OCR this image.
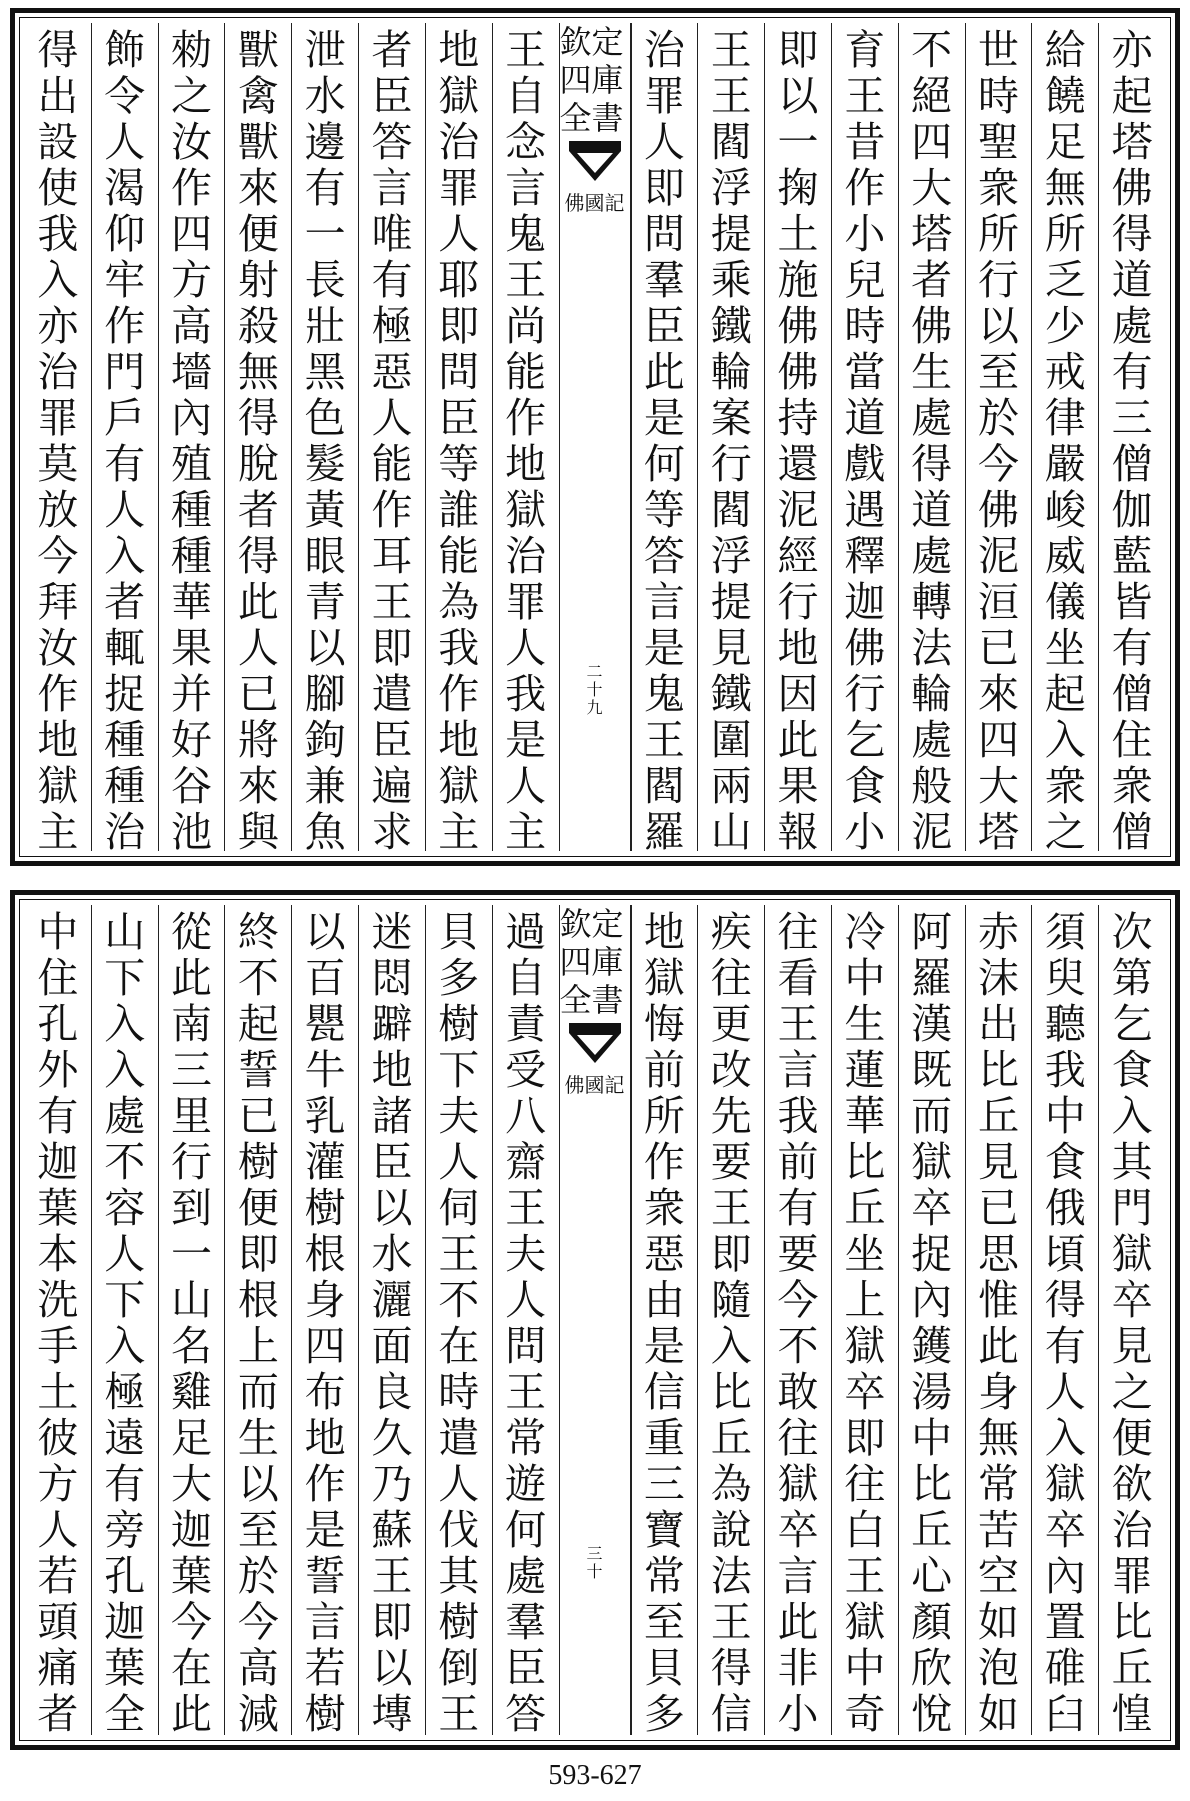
亦
起
塔
佛
得
道
處
有
三
僧
伽
藍
皆
有
僧
住
衆
僧
給
饒
足
無
所
乏
少
戒
律
嚴
峻
威
儀
坐
起
入
衆
之
世
時
聖
衆
所
行
以
至
於
今
佛
泥
洹
已
來
四
大
塔
不
絕
四
大
塔
者
佛
生
處
得
道
處
轉
法
輪
處
般
泥
育
王
昔
作
小
兒
時
當
道
戲
遇
釋
迦
佛
行
乞
食
小
即
以
一
掬
土
施
佛
佛
持
還
泥
經
行
地
因
此
果
報
王
王
閻
浮
提
乘
鐵
輪
案
行
閻
浮
提
見
鐵
圍
兩
山
治
罪
人
即
問
羣
臣
此
是
何
等
答
言
是
鬼
王
閻
羅
欽定四庫全書
佛國記
二
十
九
王
自
念
言
鬼
王
尚
能
作
地
獄
治
罪
人
我
是
人
主
地
獄
治
罪
人
耶
即
問
臣
等
誰
能
為
我
作
地
獄
主
者
臣
答
言
唯
有
極
惡
人
能
作
耳
王
即
遣
臣
遍
求
泄
水
邊
有
一
長
壯
黑
色
髮
黃
眼
青
以
腳
鉤
兼
魚
獸
禽
獸
來
便
射
殺
無
得
脫
者
得
此
人
已
將
來
與
勑
之
汝
作
四
方
高
墻
內
殖
種
種
華
果
并
好
谷
池
飾
令
人
渴
仰
牢
作
門
戶
有
人
入
者
輒
捉
種
種
治
得
出
設
使
我
入
亦
治
罪
莫
放
今
拜
汝
作
地
獄
主
次
第
乞
食
入
其
門
獄
卒
見
之
便
欲
治
罪
比
丘
惶
須
臾
聽
我
中
食
俄
頃
得
有
人
入
獄
卒
內
置
碓
臼
赤
沫
出
比
丘
見
已
思
惟
此
身
無
常
苦
空
如
泡
如
阿
羅
漢
既
而
獄
卒
捉
內
鑊
湯
中
比
丘
心
顏
欣
悅
冷
中
生
蓮
華
比
丘
坐
上
獄
卒
即
往
白
王
獄
中
奇
往
看
王
言
我
前
有
要
今
不
敢
往
獄
卒
言
此
非
小
疾
往
更
改
先
要
王
即
隨
入
比
丘
為
說
法
王
得
信
地
獄
悔
前
所
作
衆
惡
由
是
信
重
三
寶
常
至
貝
多
欽定四庫全書
佛國記
三
十
過
自
責
受
八
齋
王
夫
人
問
王
常
遊
何
處
羣
臣
答
貝
多
樹
下
夫
人
伺
王
不
在
時
遣
人
伐
其
樹
倒
王
迷
悶
躃
地
諸
臣
以
水
灑
面
良
久
乃
蘇
王
即
以
塼
以
百
甖
牛
乳
灌
樹
根
身
四
布
地
作
是
誓
言
若
樹
終
不
起
誓
已
樹
便
即
根
上
而
生
以
至
於
今
高
減
從
此
南
三
里
行
到
一
山
名
雞
足
大
迦
葉
今
在
此
山
下
入
入
處
不
容
人
下
入
極
遠
有
旁
孔
迦
葉
全
中
住
孔
外
有
迦
葉
本
洗
手
土
彼
方
人
若
頭
痛
者
593-627
